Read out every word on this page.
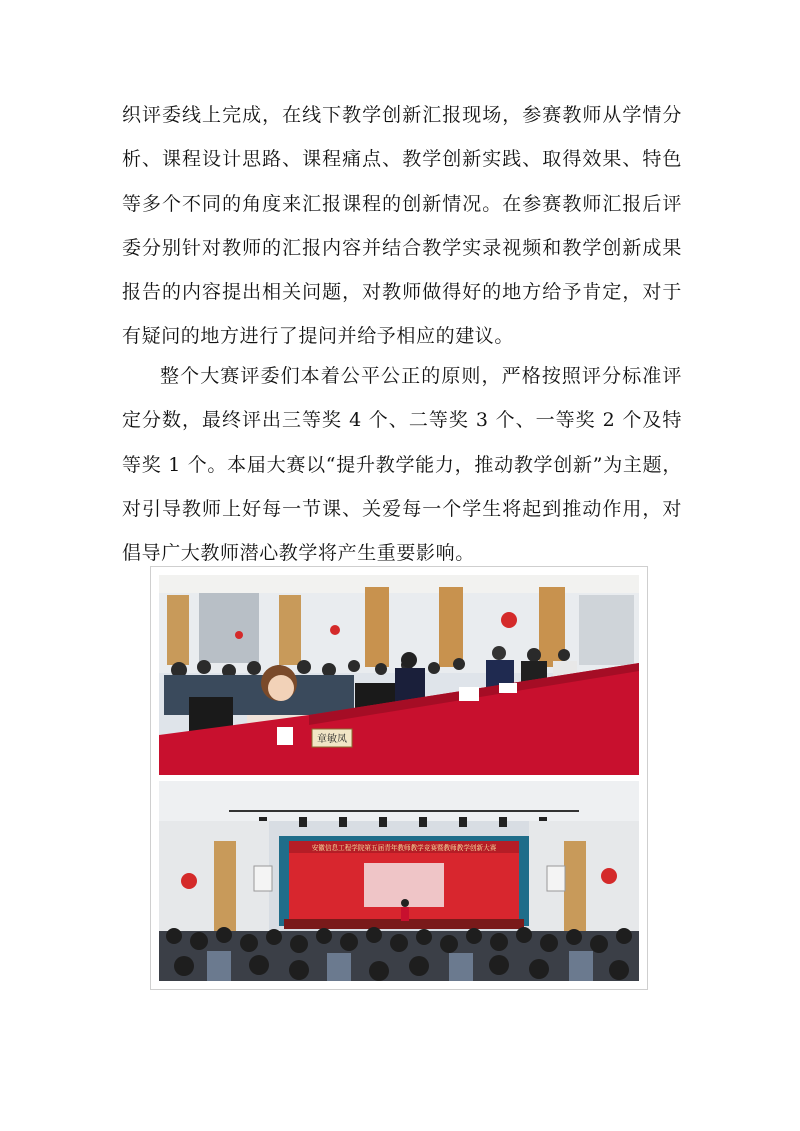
织评委线上完成，在线下教学创新汇报现场，参赛教师从学情分析、课程设计思路、课程痛点、教学创新实践、取得效果、特色等多个不同的角度来汇报课程的创新情况。在参赛教师汇报后评委分别针对教师的汇报内容并结合教学实录视频和教学创新成果报告的内容提出相关问题，对教师做得好的地方给予肯定，对于有疑问的地方进行了提问并给予相应的建议。

整个大赛评委们本着公平公正的原则，严格按照评分标准评定分数，最终评出三等奖 4 个、二等奖 3 个、一等奖 2 个及特等奖 1 个。本届大赛以“提升教学能力，推动教学创新”为主题，对引导教师上好每一节课、关爱每一个学生将起到推动作用，对倡导广大教师潜心教学将产生重要影响。

章敏凤
安徽信息工程学院第五届青年教师教学竞赛暨教师教学创新大赛
